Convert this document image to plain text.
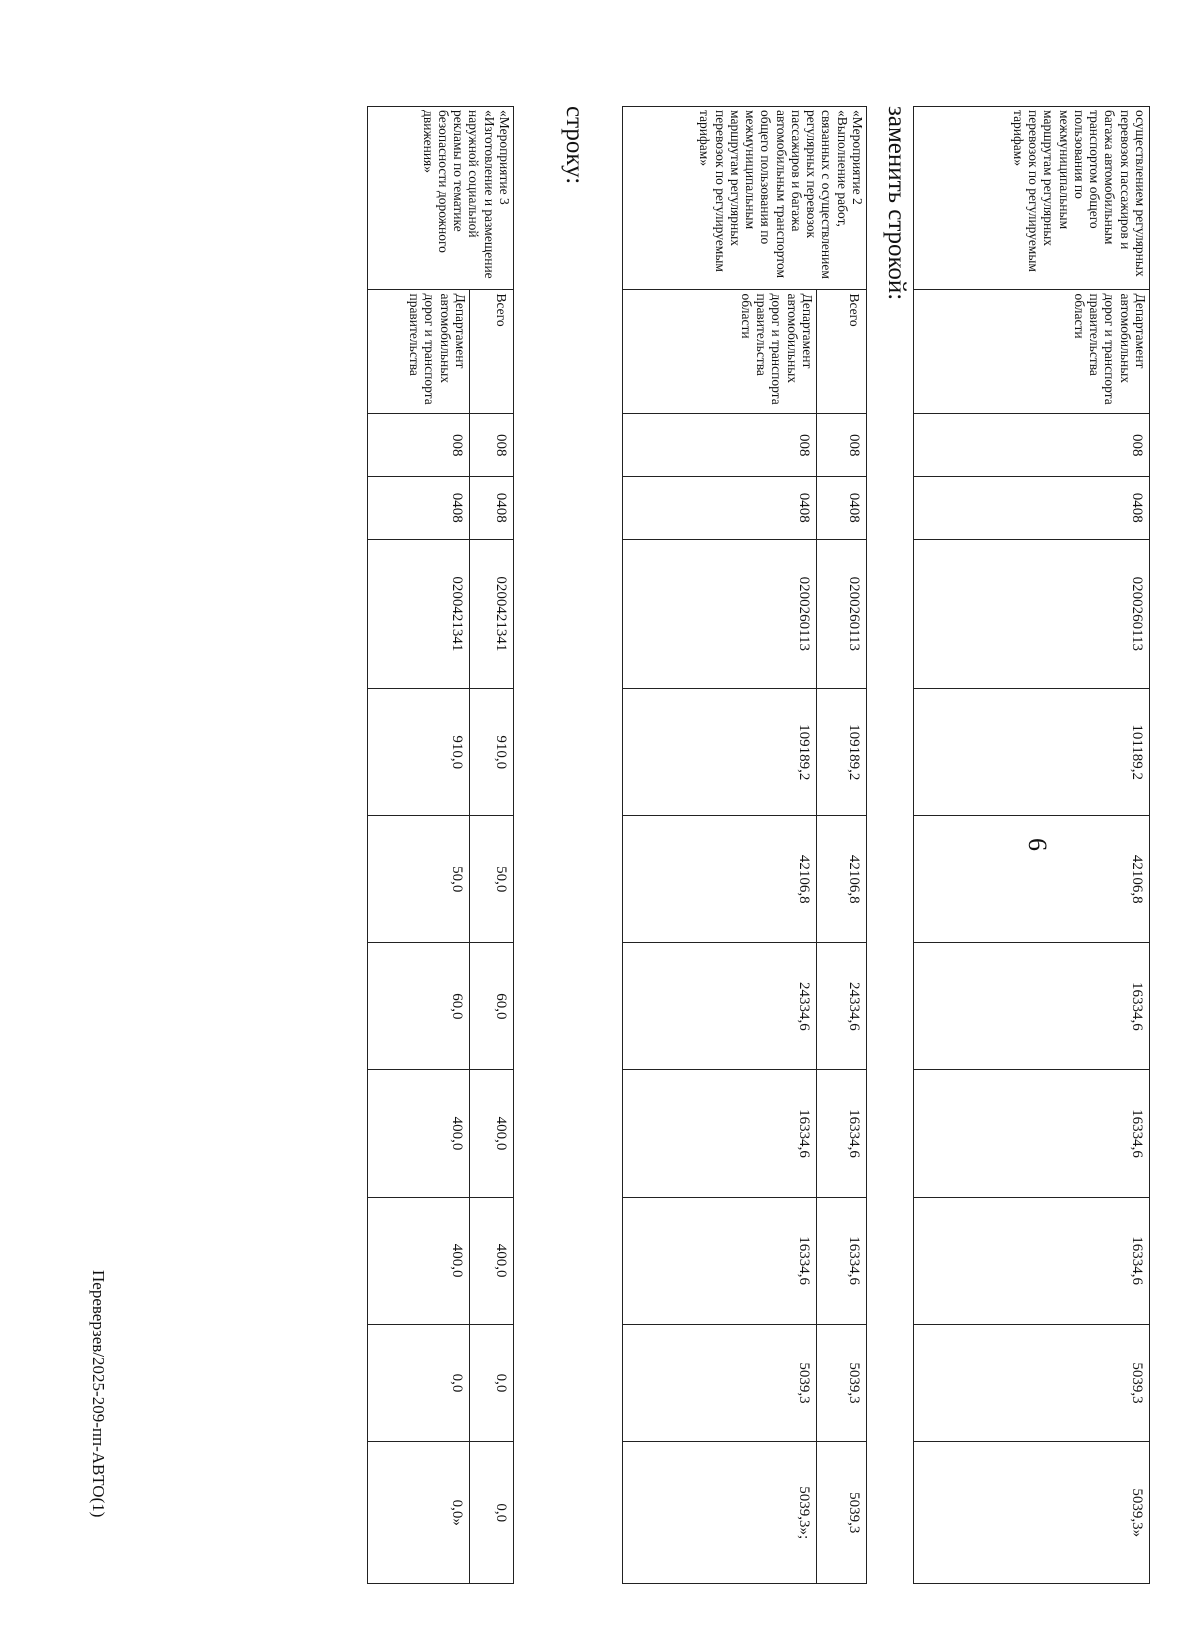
6
осуществлением регулярных перевозок пассажиров и багажа автомобильным транспортом общего пользования по межмуниципальным маршрутам регулярных перевозок по регулируемым тарифам»	Департамент автомобильных дорог и транспорта правительства области	008	0408	0200260113	101189,2	42106,8	16334,6	16334,6	16334,6	5039,3	5039,3»
заменить строкой:
«Мероприятие 2 «Выполнение работ, связанных с осуществлением регулярных перевозок пассажиров и багажа автомобильным транспортом общего пользования по межмуниципальным маршрутам регулярных перевозок по регулируемым тарифам»	Всего	008	0408	0200260113	109189,2	42106,8	24334,6	16334,6	16334,6	5039,3	5039,3
	Департамент автомобильных дорог и транспорта правительства области	008	0408	0200260113	109189,2	42106,8	24334,6	16334,6	16334,6	5039,3	5039,3»;
строку:
«Мероприятие 3 «Изготовление и размещение наружной социальной рекламы по тематике безопасности дорожного движения»	Всего	008	0408	0200421341	910,0	50,0	60,0	400,0	400,0	0,0	0,0
	Департамент автомобильных дорог и транспорта правительства	008	0408	0200421341	910,0	50,0	60,0	400,0	400,0	0,0	0,0»
Переверзев/2025-209-пп-АВТО(1)
